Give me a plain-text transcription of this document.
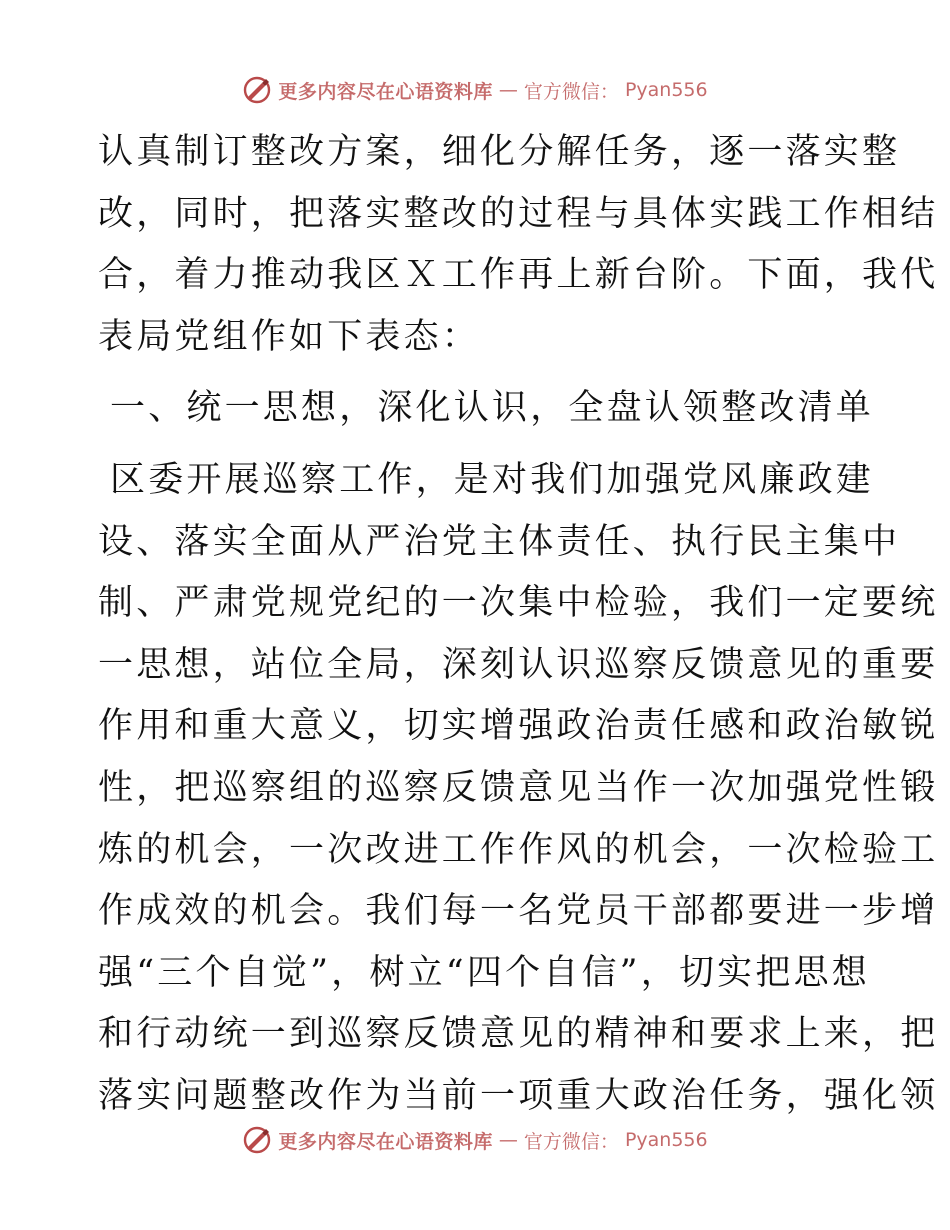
更多内容尽在心语资料库 — 官方微信： Pyan556
认真制订整改方案，细化分解任务，逐一落实整
改，同时，把落实整改的过程与具体实践工作相结
合，着力推动我区Ｘ工作再上新台阶。下面，我代
表局党组作如下表态：
一、统一思想，深化认识，全盘认领整改清单
区委开展巡察工作，是对我们加强党风廉政建
设、落实全面从严治党主体责任、执行民主集中
制、严肃党规党纪的一次集中检验，我们一定要统
一思想，站位全局，深刻认识巡察反馈意见的重要
作用和重大意义，切实增强政治责任感和政治敏锐
性，把巡察组的巡察反馈意见当作一次加强党性锻
炼的机会，一次改进工作作风的机会，一次检验工
作成效的机会。我们每一名党员干部都要进一步增
强“三个自觉”，树立“四个自信”，切实把思想
和行动统一到巡察反馈意见的精神和要求上来，把
落实问题整改作为当前一项重大政治任务，强化领
更多内容尽在心语资料库 — 官方微信： Pyan556
